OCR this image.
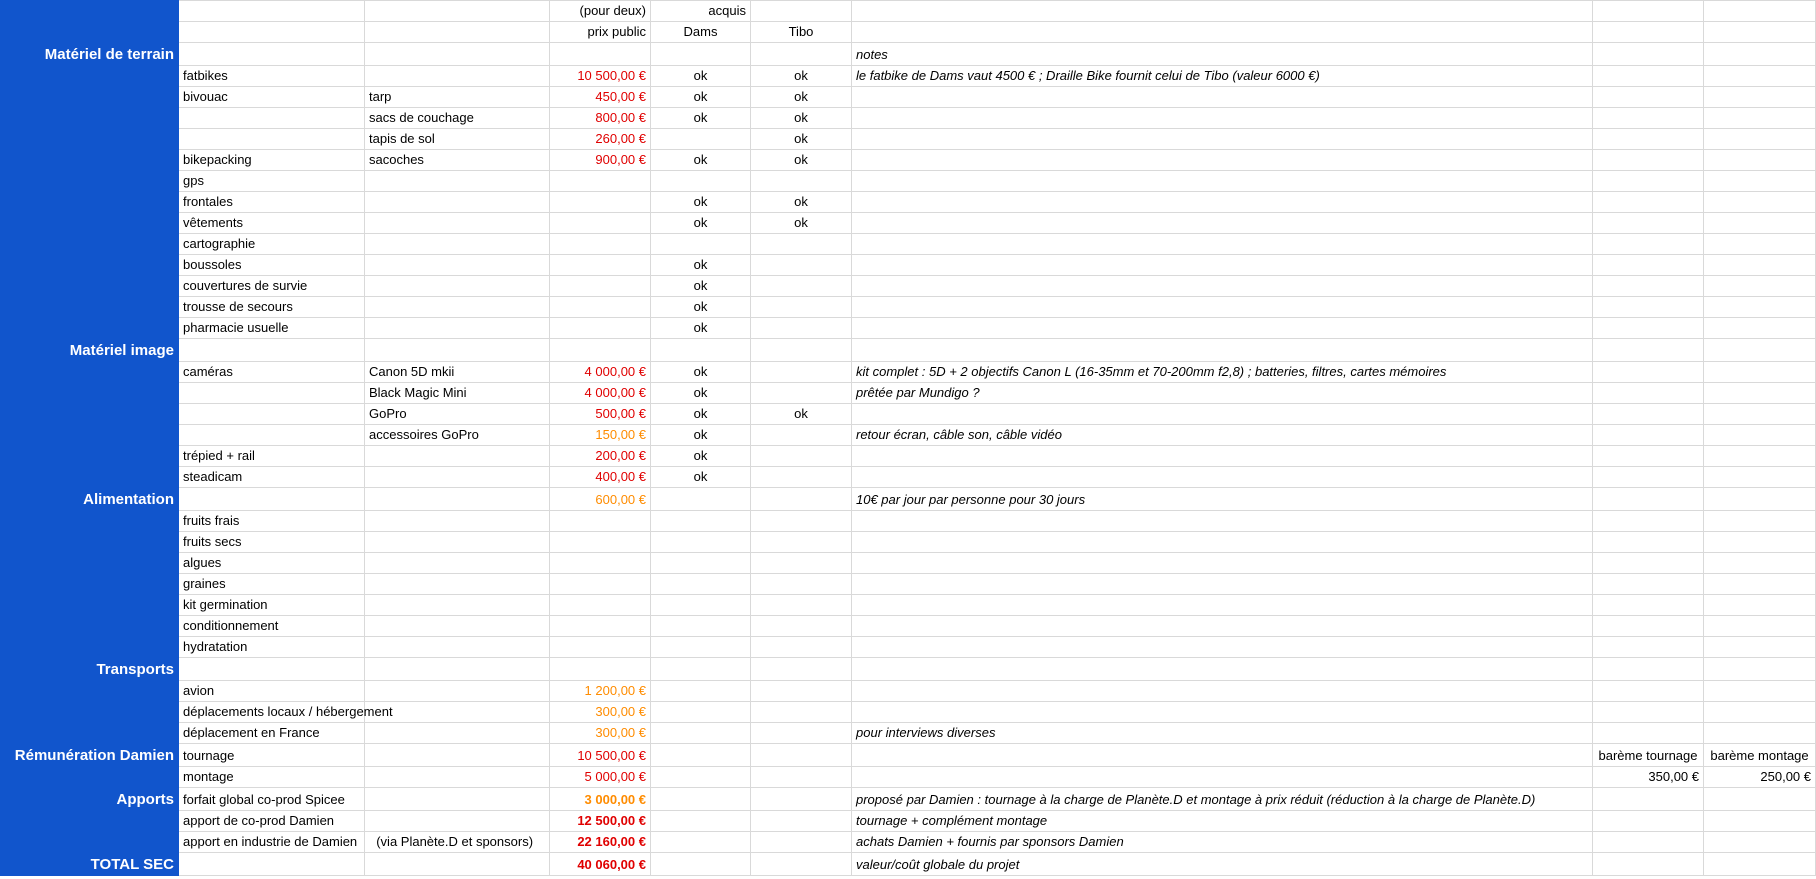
			(pour deux)	acquis				
			prix public	Dams	Tibo			
Matériel de terrain						notes		
	fatbikes		10 500,00 €	ok	ok	le fatbike de Dams vaut 4500 € ; Draille Bike fournit celui de Tibo (valeur 6000 €)		
	bivouac	tarp	450,00 €	ok	ok			
		sacs de couchage	800,00 €	ok	ok			
		tapis de sol	260,00 €		ok			
	bikepacking	sacoches	900,00 €	ok	ok			
	gps							
	frontales			ok	ok			
	vêtements			ok	ok			
	cartographie							
	boussoles			ok				
	couvertures de survie			ok				
	trousse de secours			ok				
	pharmacie usuelle			ok				
Matériel image								
	caméras	Canon 5D mkii	4 000,00 €	ok		kit complet : 5D + 2 objectifs Canon L (16-35mm et 70-200mm f2,8) ; batteries, filtres, cartes mémoires		
		Black Magic Mini	4 000,00 €	ok		prêtée par Mundigo ?		
		GoPro	500,00 €	ok	ok			
		accessoires GoPro	150,00 €	ok		retour écran, câble son, câble vidéo		
	trépied + rail		200,00 €	ok				
	steadicam		400,00 €	ok				
Alimentation			600,00 €			10€ par jour par personne pour 30 jours		
	fruits frais							
	fruits secs							
	algues							
	graines							
	kit germination							
	conditionnement							
	hydratation							
Transports								
	avion		1 200,00 €					
	déplacements locaux / hébergement		300,00 €					
	déplacement en France		300,00 €			pour interviews diverses		
Rémunération Damien	tournage		10 500,00 €				barème tournage	barème montage
	montage		5 000,00 €				350,00 €	250,00 €
Apports	forfait global co-prod Spicee		3 000,00 €			proposé par Damien : tournage à la charge de Planète.D et montage à prix réduit (réduction à la charge de Planète.D)		
	apport de co-prod Damien		12 500,00 €			tournage + complément montage		
	apport en industrie de Damien	(via Planète.D et sponsors)	22 160,00 €			achats Damien + fournis par sponsors Damien		
TOTAL SEC			40 060,00 €			valeur/coût globale du projet		
